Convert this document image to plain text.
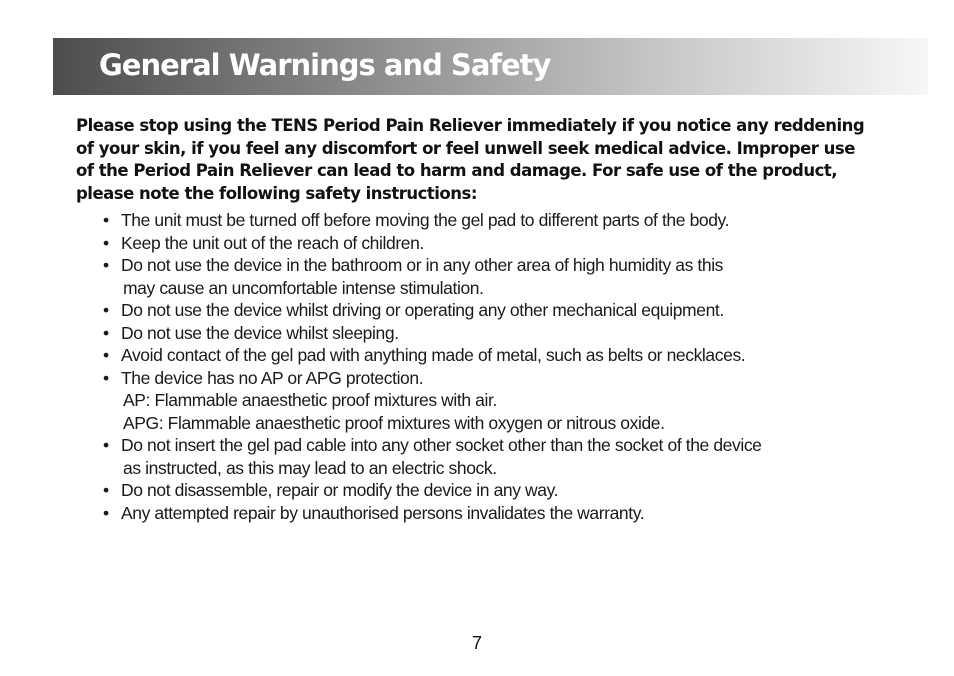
General Warnings and Safety

Please stop using the TENS Period Pain Reliever immediately if you notice any reddening of your skin, if you feel any discomfort or feel unwell seek medical advice. Improper use of the Period Pain Reliever can lead to harm and damage. For safe use of the product, please note the following safety instructions:

• The unit must be turned off before moving the gel pad to different parts of the body.
• Keep the unit out of the reach of children.
• Do not use the device in the bathroom or in any other area of high humidity as this
may cause an uncomfortable intense stimulation.
• Do not use the device whilst driving or operating any other mechanical equipment.
• Do not use the device whilst sleeping.
• Avoid contact of the gel pad with anything made of metal, such as belts or necklaces.
• The device has no AP or APG protection.
AP: Flammable anaesthetic proof mixtures with air.
APG: Flammable anaesthetic proof mixtures with oxygen or nitrous oxide.
• Do not insert the gel pad cable into any other socket other than the socket of the device
as instructed, as this may lead to an electric shock.
• Do not disassemble, repair or modify the device in any way.
• Any attempted repair by unauthorised persons invalidates the warranty.
7
